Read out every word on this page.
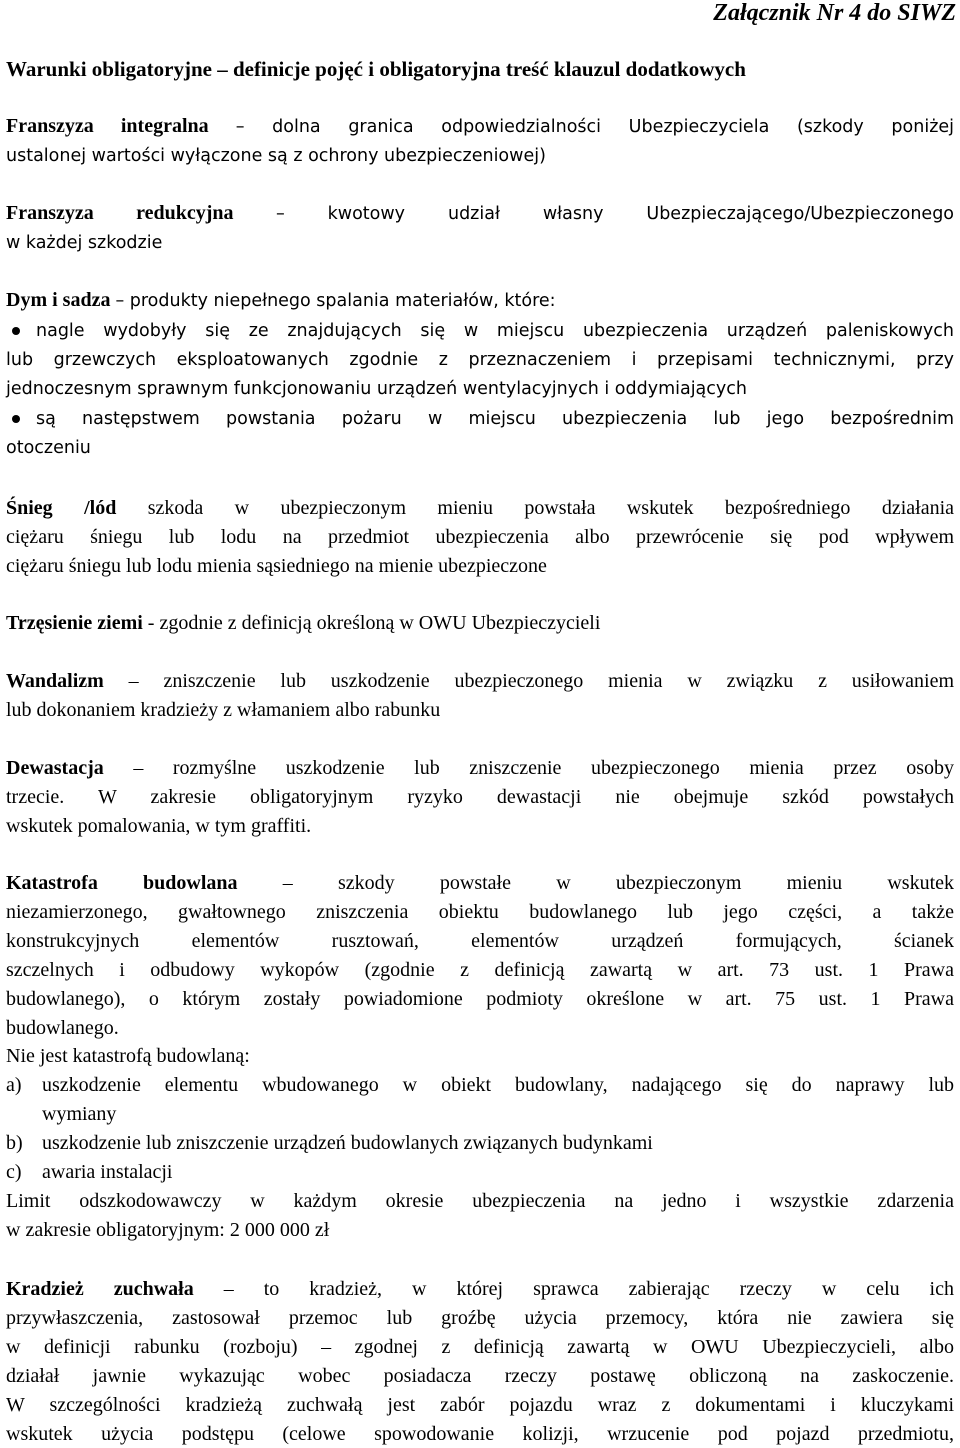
Załącznik Nr 4 do SIWZ
Warunki obligatoryjne – definicje pojęć i obligatoryjna treść klauzul dodatkowych
Franszyza integralna – dolna granica odpowiedzialności Ubezpieczyciela (szkody poniżej
ustalonej wartości wyłączone są z ochrony ubezpieczeniowej)
Franszyza redukcyjna – kwotowy udział własny Ubezpieczającego/Ubezpieczonego
w każdej szkodzie
Dym i sadza – produkty niepełnego spalania materiałów, które:
nagle wydobyły się ze znajdujących się w miejscu ubezpieczenia urządzeń paleniskowych
lub grzewczych eksploatowanych zgodnie z przeznaczeniem i przepisami technicznymi, przy
jednoczesnym sprawnym funkcjonowaniu urządzeń wentylacyjnych i oddymiających
są następstwem powstania pożaru w miejscu ubezpieczenia lub jego bezpośrednim
otoczeniu
Śnieg /lód szkoda w ubezpieczonym mieniu powstała wskutek bezpośredniego działania
ciężaru śniegu lub lodu na przedmiot ubezpieczenia albo przewrócenie się pod wpływem
ciężaru śniegu lub lodu mienia sąsiedniego na mienie ubezpieczone
Trzęsienie ziemi - zgodnie z definicją określoną w OWU Ubezpieczycieli
Wandalizm – zniszczenie lub uszkodzenie ubezpieczonego mienia w związku z usiłowaniem
lub dokonaniem kradzieży z włamaniem albo rabunku
Dewastacja – rozmyślne uszkodzenie lub zniszczenie ubezpieczonego mienia przez osoby
trzecie. W zakresie obligatoryjnym ryzyko dewastacji nie obejmuje szkód powstałych
wskutek pomalowania, w tym graffiti.
Katastrofa budowlana – szkody powstałe w ubezpieczonym mieniu wskutek
niezamierzonego, gwałtownego zniszczenia obiektu budowlanego lub jego części, a także
konstrukcyjnych elementów rusztowań, elementów urządzeń formujących, ścianek
szczelnych i odbudowy wykopów (zgodnie z definicją zawartą w art. 73 ust. 1 Prawa
budowlanego), o którym zostały powiadomione podmioty określone w art. 75 ust. 1 Prawa
budowlanego.
Nie jest katastrofą budowlaną:
a) uszkodzenie elementu wbudowanego w obiekt budowlany, nadającego się do naprawy lub
wymiany
b) uszkodzenie lub zniszczenie urządzeń budowlanych związanych budynkami
c) awaria instalacji
Limit odszkodowawczy w każdym okresie ubezpieczenia na jedno i wszystkie zdarzenia
w zakresie obligatoryjnym: 2 000 000 zł
Kradzież zuchwała – to kradzież, w której sprawca zabierając rzeczy w celu ich
przywłaszczenia, zastosował przemoc lub groźbę użycia przemocy, która nie zawiera się
w definicji rabunku (rozboju) – zgodnej z definicją zawartą w OWU Ubezpieczycieli, albo
działał jawnie wykazując wobec posiadacza rzeczy postawę obliczoną na zaskoczenie.
W szczególności kradzieżą zuchwałą jest zabór pojazdu wraz z dokumentami i kluczykami
wskutek użycia podstępu (celowe spowodowanie kolizji, wrzucenie pod pojazd przedmiotu,
